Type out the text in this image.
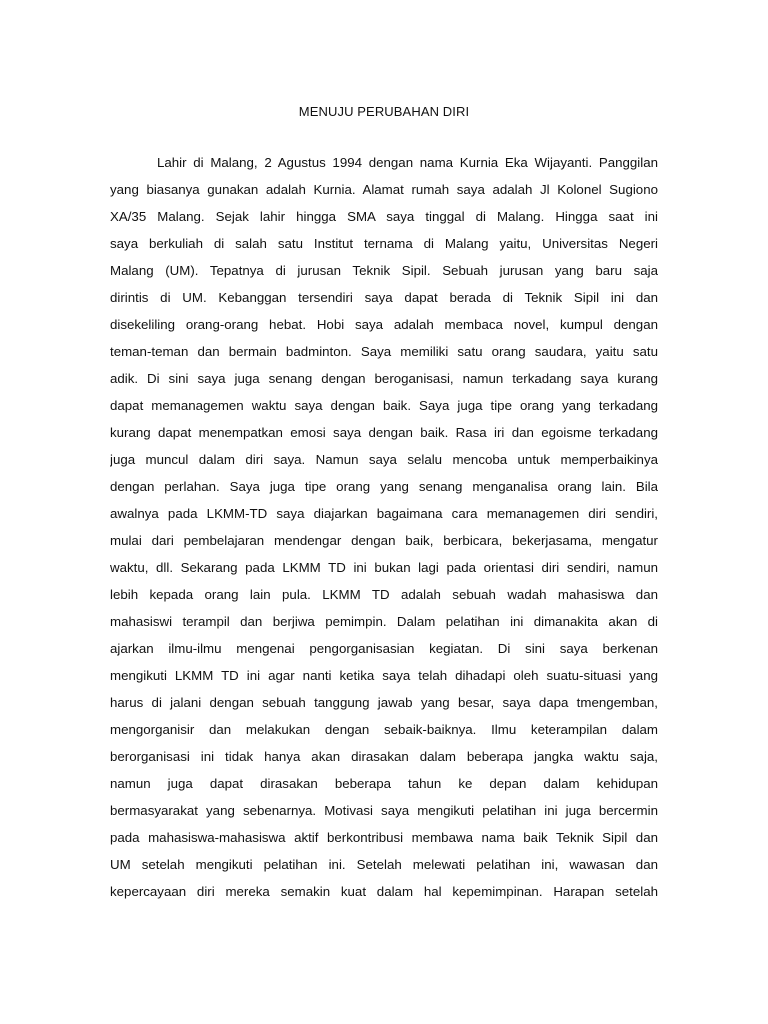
MENUJU PERUBAHAN DIRI
Lahir di Malang, 2 Agustus 1994 dengan nama Kurnia Eka Wijayanti. Panggilan
yang biasanya gunakan adalah Kurnia. Alamat rumah saya adalah Jl Kolonel Sugiono
XA/35 Malang. Sejak lahir hingga SMA saya tinggal di Malang. Hingga saat ini
saya berkuliah di salah satu Institut ternama di Malang yaitu, Universitas Negeri
Malang (UM). Tepatnya di jurusan Teknik Sipil. Sebuah jurusan yang baru saja
dirintis di UM. Kebanggan tersendiri saya dapat berada di Teknik Sipil ini dan
disekeliling orang-orang hebat. Hobi saya adalah membaca novel, kumpul dengan
teman-teman dan bermain badminton. Saya memiliki satu orang saudara, yaitu satu
adik. Di sini saya juga senang dengan beroganisasi, namun terkadang saya kurang
dapat memanagemen waktu saya dengan baik. Saya juga tipe orang yang terkadang
kurang dapat menempatkan emosi saya dengan baik. Rasa iri dan egoisme terkadang
juga muncul dalam diri saya. Namun saya selalu mencoba untuk memperbaikinya
dengan perlahan. Saya juga tipe orang yang senang menganalisa orang lain. Bila
awalnya pada LKMM-TD saya diajarkan bagaimana cara memanagemen diri sendiri,
mulai dari pembelajaran mendengar dengan baik, berbicara, bekerjasama, mengatur
waktu, dll. Sekarang pada LKMM TD ini bukan lagi pada orientasi diri sendiri, namun
lebih kepada orang lain pula. LKMM TD adalah sebuah wadah mahasiswa dan
mahasiswi terampil dan berjiwa pemimpin. Dalam pelatihan ini dimanakita akan di
ajarkan ilmu-ilmu mengenai pengorganisasian kegiatan. Di sini saya berkenan
mengikuti LKMM TD ini agar nanti ketika saya telah dihadapi oleh suatu-situasi yang
harus di jalani dengan sebuah tanggung jawab yang besar, saya dapa tmengemban,
mengorganisir dan melakukan dengan sebaik-baiknya. Ilmu keterampilan dalam
berorganisasi ini tidak hanya akan dirasakan dalam beberapa jangka waktu saja,
namun juga dapat dirasakan beberapa tahun ke depan dalam kehidupan
bermasyarakat yang sebenarnya. Motivasi saya mengikuti pelatihan ini juga bercermin
pada mahasiswa-mahasiswa aktif berkontribusi membawa nama baik Teknik Sipil dan
UM setelah mengikuti pelatihan ini. Setelah melewati pelatihan ini, wawasan dan
kepercayaan diri mereka semakin kuat dalam hal kepemimpinan. Harapan setelah
